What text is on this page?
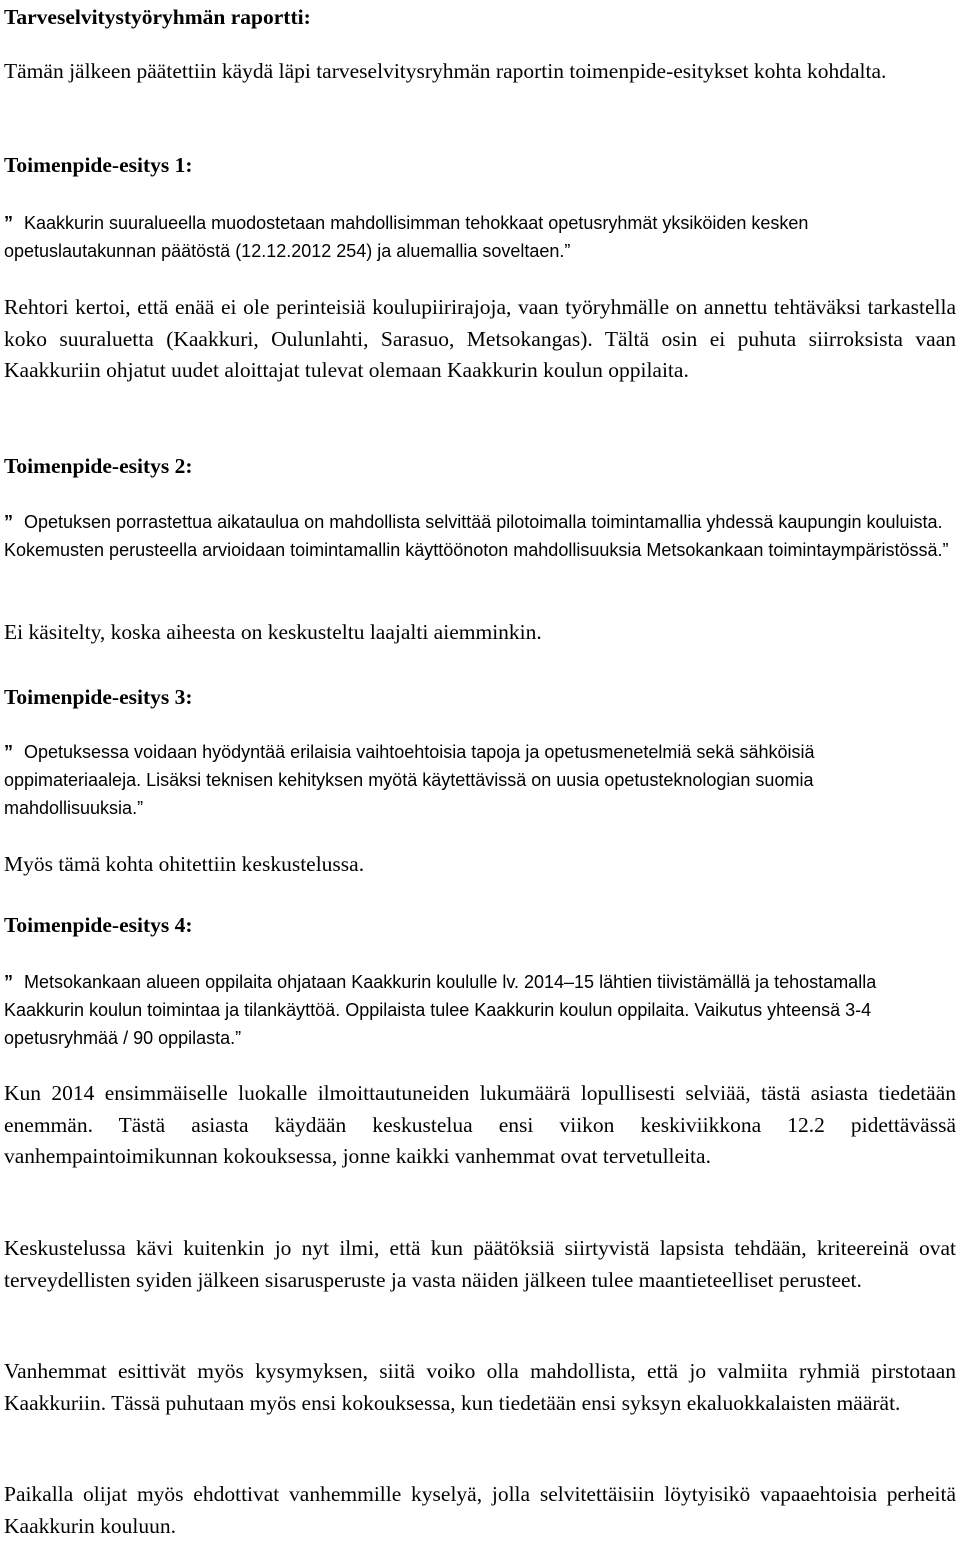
Tarveselvitystyöryhmän raportti:

Tämän jälkeen päätettiin käydä läpi tarveselvitysryhmän raportin toimenpide-esitykset kohta kohdalta.

Toimenpide-esitys 1:

” Kaakkurin suuralueella muodostetaan mahdollisimman tehokkaat opetusryhmät yksiköiden kesken opetuslautakunnan päätöstä (12.12.2012 254) ja aluemallia soveltaen.”

Rehtori kertoi, että enää ei ole perinteisiä koulupiirirajoja, vaan työryhmälle on annettu tehtäväksi tarkastella koko suuraluetta (Kaakkuri, Oulunlahti, Sarasuo, Metsokangas). Tältä osin ei puhuta siirroksista vaan Kaakkuriin ohjatut uudet aloittajat tulevat olemaan Kaakkurin koulun oppilaita.

Toimenpide-esitys 2:

” Opetuksen porrastettua aikataulua on mahdollista selvittää pilotoimalla toimintamallia yhdessä kaupungin kouluista. Kokemusten perusteella arvioidaan toimintamallin käyttöönoton mahdollisuuksia Metsokankaan toimintaympäristössä.”

Ei käsitelty, koska aiheesta on keskusteltu laajalti aiemminkin.

Toimenpide-esitys 3:

” Opetuksessa voidaan hyödyntää erilaisia vaihtoehtoisia tapoja ja opetusmenetelmiä sekä sähköisiä oppimateriaaleja. Lisäksi teknisen kehityksen myötä käytettävissä on uusia opetusteknologian suomia mahdollisuuksia.”

Myös tämä kohta ohitettiin keskustelussa.

Toimenpide-esitys 4:

” Metsokankaan alueen oppilaita ohjataan Kaakkurin koululle lv. 2014–15 lähtien tiivistämällä ja tehostamalla Kaakkurin koulun toimintaa ja tilankäyttöä. Oppilaista tulee Kaakkurin koulun oppilaita. Vaikutus yhteensä 3-4 opetusryhmää / 90 oppilasta.”

Kun 2014 ensimmäiselle luokalle ilmoittautuneiden lukumäärä lopullisesti selviää, tästä asiasta tiedetään enemmän. Tästä asiasta käydään keskustelua ensi viikon keskiviikkona 12.2 pidettävässä vanhempaintoimikunnan kokouksessa, jonne kaikki vanhemmat ovat tervetulleita.

Keskustelussa kävi kuitenkin jo nyt ilmi, että kun päätöksiä siirtyvistä lapsista tehdään, kriteereinä ovat terveydellisten syiden jälkeen sisarusperuste ja vasta näiden jälkeen tulee maantieteelliset perusteet.

Vanhemmat esittivät myös kysymyksen, siitä voiko olla mahdollista, että jo valmiita ryhmiä pirstotaan Kaakkuriin. Tässä puhutaan myös ensi kokouksessa, kun tiedetään ensi syksyn ekaluokkalaisten määrät.

Paikalla olijat myös ehdottivat vanhemmille kyselyä, jolla selvitettäisiin löytyisikö vapaaehtoisia perheitä Kaakkurin kouluun.
